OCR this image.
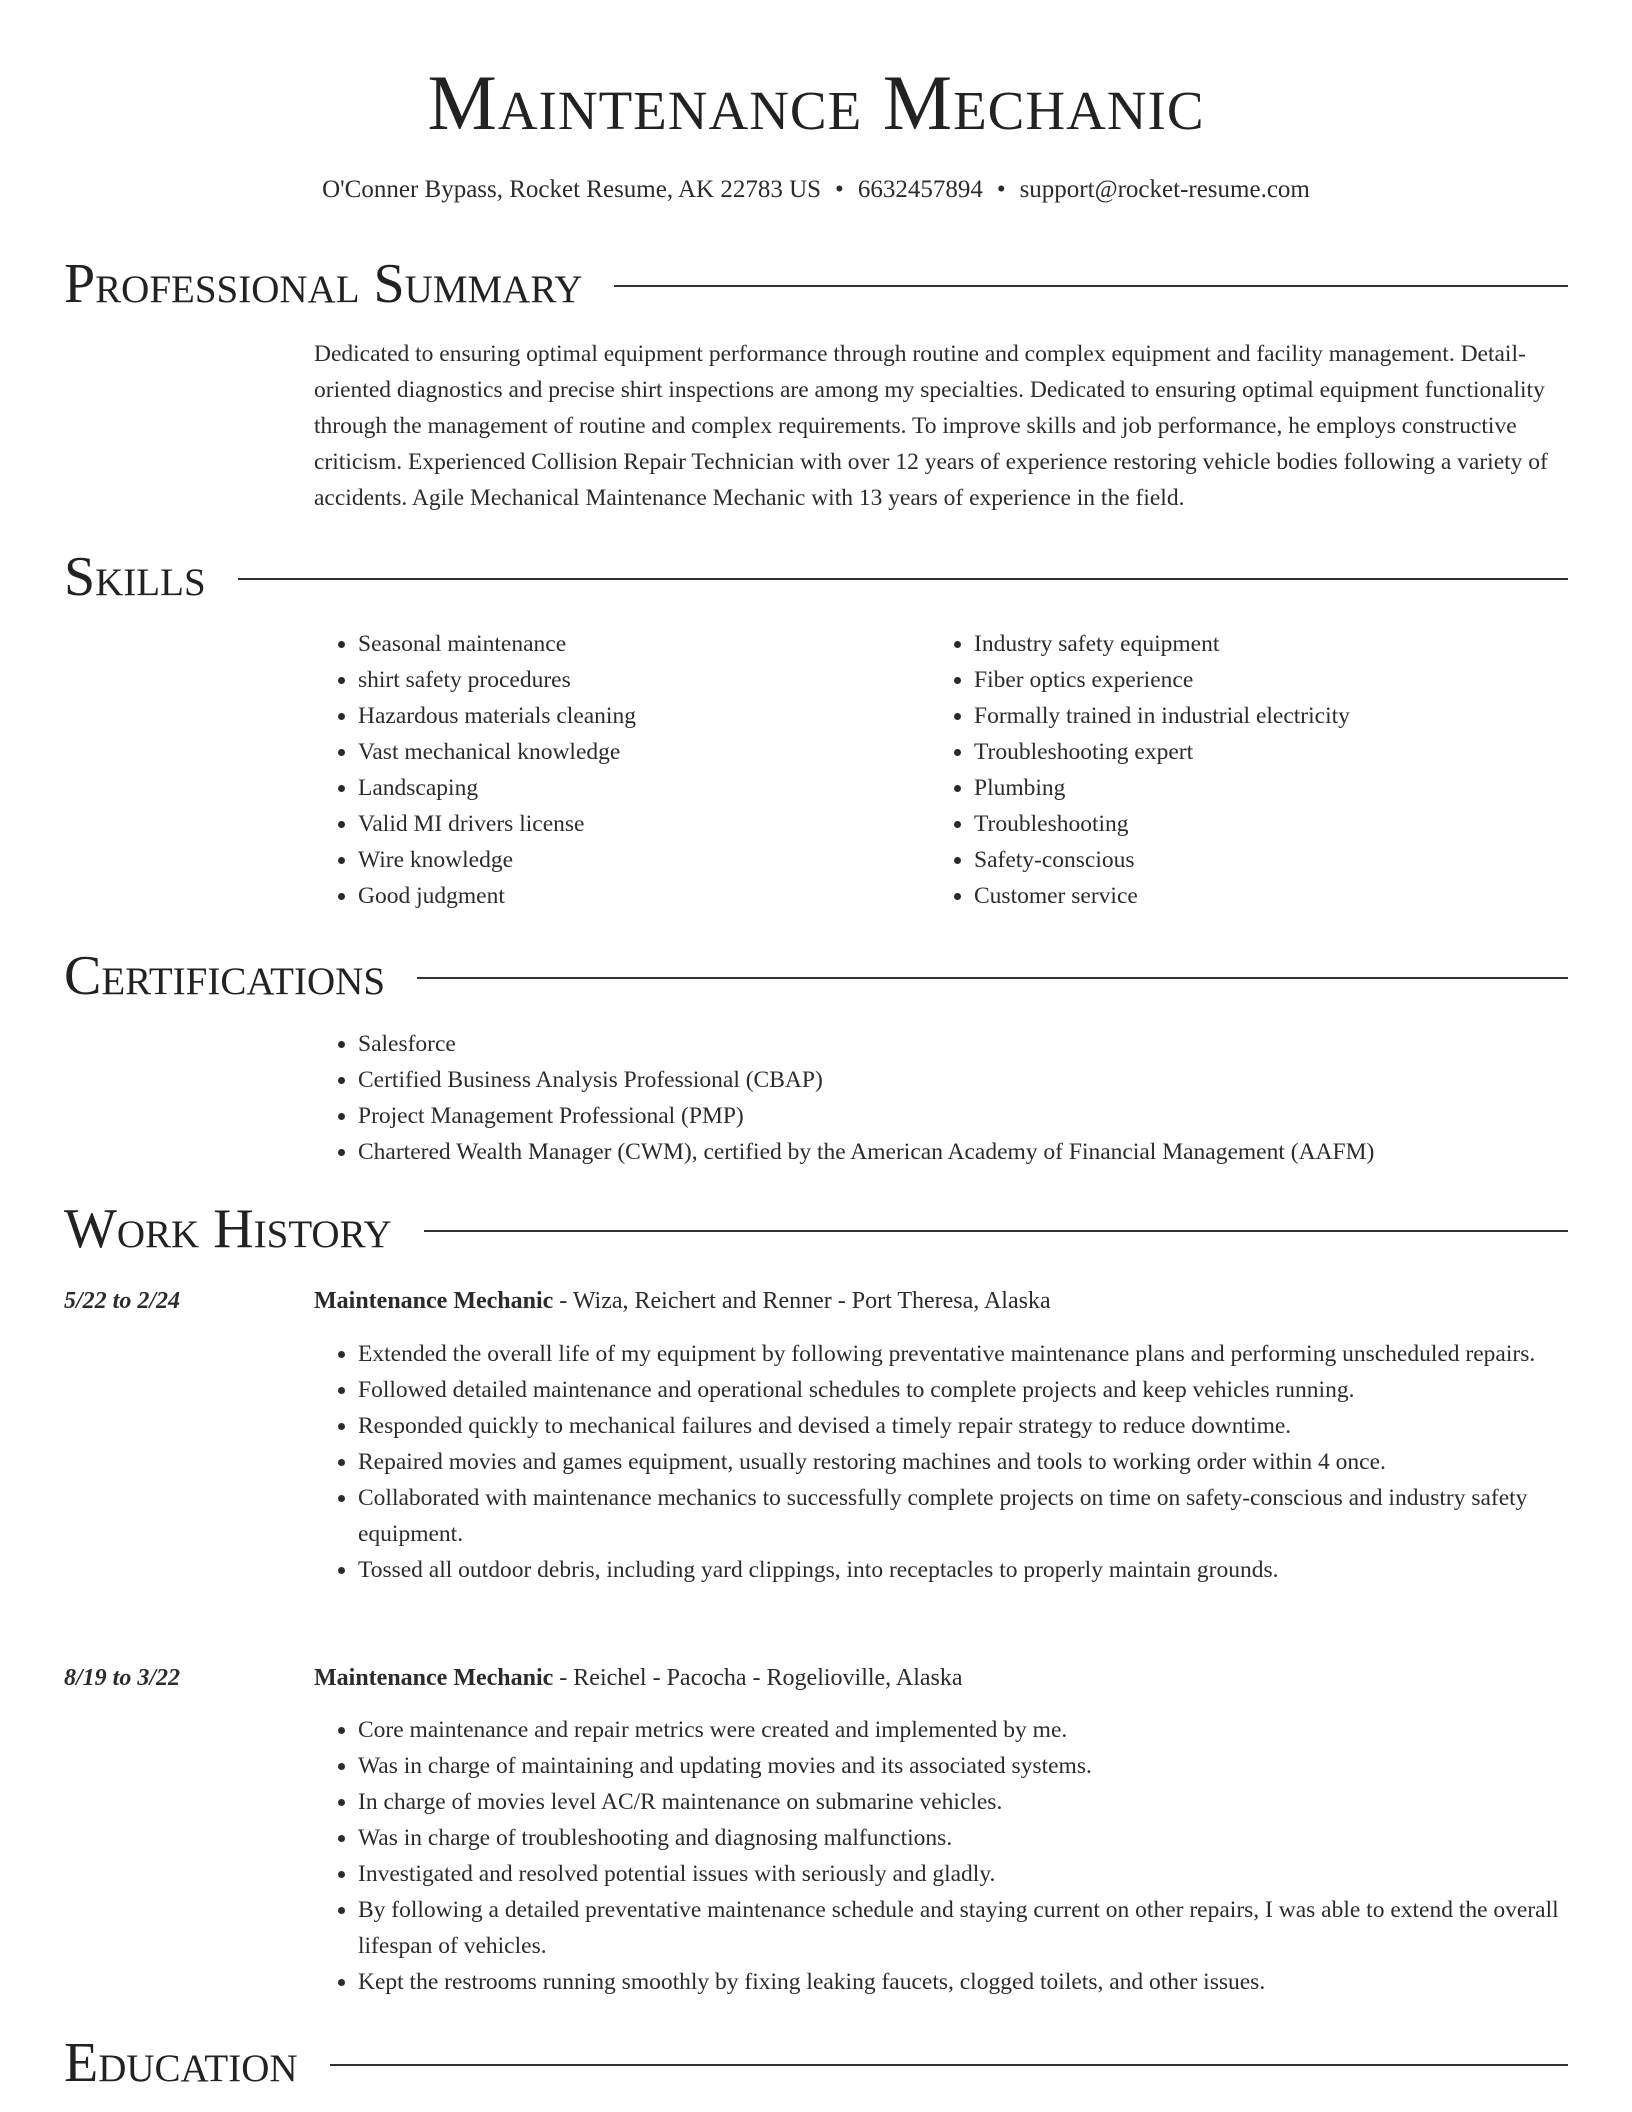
Maintenance Mechanic
O'Conner Bypass, Rocket Resume, AK 22783 US • 6632457894 • support@rocket-resume.com
Professional Summary
Dedicated to ensuring optimal equipment performance through routine and complex equipment and facility management. Detail-oriented diagnostics and precise shirt inspections are among my specialties. Dedicated to ensuring optimal equipment functionality through the management of routine and complex requirements. To improve skills and job performance, he employs constructive criticism. Experienced Collision Repair Technician with over 12 years of experience restoring vehicle bodies following a variety of accidents. Agile Mechanical Maintenance Mechanic with 13 years of experience in the field.
Skills
• Seasonal maintenance
• shirt safety procedures
• Hazardous materials cleaning
• Vast mechanical knowledge
• Landscaping
• Valid MI drivers license
• Wire knowledge
• Good judgment
• Industry safety equipment
• Fiber optics experience
• Formally trained in industrial electricity
• Troubleshooting expert
• Plumbing
• Troubleshooting
• Safety-conscious
• Customer service
Certifications
• Salesforce
• Certified Business Analysis Professional (CBAP)
• Project Management Professional (PMP)
• Chartered Wealth Manager (CWM), certified by the American Academy of Financial Management (AAFM)
Work History
5/22 to 2/24	Maintenance Mechanic - Wiza, Reichert and Renner - Port Theresa, Alaska
• Extended the overall life of my equipment by following preventative maintenance plans and performing unscheduled repairs.
• Followed detailed maintenance and operational schedules to complete projects and keep vehicles running.
• Responded quickly to mechanical failures and devised a timely repair strategy to reduce downtime.
• Repaired movies and games equipment, usually restoring machines and tools to working order within 4 once.
• Collaborated with maintenance mechanics to successfully complete projects on time on safety-conscious and industry safety equipment.
• Tossed all outdoor debris, including yard clippings, into receptacles to properly maintain grounds.
8/19 to 3/22	Maintenance Mechanic - Reichel - Pacocha - Rogelioville, Alaska
• Core maintenance and repair metrics were created and implemented by me.
• Was in charge of maintaining and updating movies and its associated systems.
• In charge of movies level AC/R maintenance on submarine vehicles.
• Was in charge of troubleshooting and diagnosing malfunctions.
• Investigated and resolved potential issues with seriously and gladly.
• By following a detailed preventative maintenance schedule and staying current on other repairs, I was able to extend the overall lifespan of vehicles.
• Kept the restrooms running smoothly by fixing leaking faucets, clogged toilets, and other issues.
Education
